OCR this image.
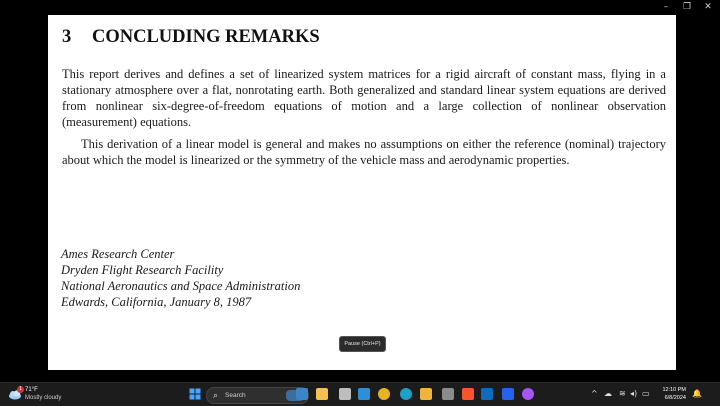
–	❐	✕
3 CONCLUDING REMARKS

This report derives and defines a set of linearized system matrices for a rigid aircraft of constant mass, flying in a stationary atmosphere over a flat, nonrotating earth. Both generalized and standard linear system equations are derived from nonlinear six-degree-of-freedom equations of motion and a large collection of nonlinear observation (measurement) equations.

This derivation of a linear model is general and makes no assumptions on either the reference (nominal) trajectory about which the model is linearized or the symmetry of the vehicle mass and aerodynamic properties.

Ames Research Center
Dryden Flight Research Facility
National Aeronautics and Space Administration
Edwards, California, January 8, 1987
Pause (Ctrl+P)
1 71°F
Mostly cloudy	⌕ Search	^ ☁ ≋ ◂) ▭	12:10 PM
6/8/2024 🔔
